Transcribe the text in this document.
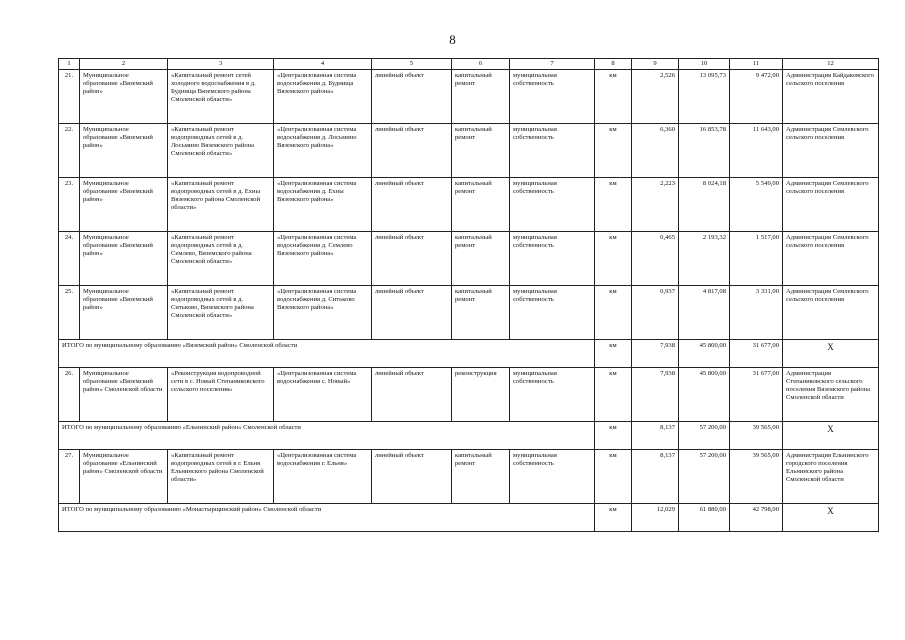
8
1	2	3	4	5	6	7	8	9	10	11	12
21.	Муниципальное образование «Вяземский район»	«Капитальный ремонт сетей холодного водоснабжения в д. Буднища Вяземского района Смоленской области»	«Централизованная система водоснабжения д. Буднища Вяземского района»	линейный объект	капитальный ремонт	муниципальная собственность	км	2,526	13 095,73	9 472,00	Администрация Кайдаковского сельского поселения
22.	Муниципальное образование «Вяземский район»	«Капитальный ремонт водопроводных сетей в д. Лосьмино Вяземского района Смоленской области»	«Централизованная система водоснабжения д. Лосьмино Вяземского района»	линейный объект	капитальный ремонт	муниципальная собственность	км	6,360	16 853,78	11 643,00	Администрация Семлевского сельского поселения
23.	Муниципальное образование «Вяземский район»	«Капитальный ремонт водопроводных сетей в д. Ехны Вяземского района Смоленской области»	«Централизованная система водоснабжения д. Ехны Вяземского района»	линейный объект	капитальный ремонт	муниципальная собственность	км	2,223	8 024,18	5 549,00	Администрация Семлевского сельского поселения
24.	Муниципальное образование «Вяземский район»	«Капитальный ремонт водопроводных сетей в д. Семлево, Вяземского района Смоленской области»	«Централизованная система водоснабжения д. Семлево Вяземского района»	линейный объект	капитальный ремонт	муниципальная собственность	км	0,465	2 193,32	1 517,00	Администрация Семлевского сельского поселения
25.	Муниципальное образование «Вяземский район»	«Капитальный ремонт водопроводных сетей в д. Ситьково, Вяземского района Смоленской области»	«Централизованная система водоснабжения д. Ситьково Вяземского района»	линейный объект	капитальный ремонт	муниципальная собственность	км	0,937	4 817,08	3 331,00	Администрация Семлевского сельского поселения
ИТОГО по муниципальному образованию «Вяземский район» Смоленской области							км	7,938	45 800,00	31 677,00	Х
26.	Муниципальное образование «Вяземский район» Смоленской области	«Реконструкция водопроводной сети в с. Новый Степаниковского сельского поселения»	«Централизованная система водоснабжения с. Новый»	линейный объект	реконструкция	муниципальная собственность	км	7,938	45 800,00	31 677,00	Администрация Степаниковского сельского поселения Вяземского района Смоленской области
ИТОГО по муниципальному образованию «Ельнинский район» Смоленской области							км	8,137	57 200,00	39 565,00	Х
27.	Муниципальное образование «Ельнинский район» Смоленской области	«Капитальный ремонт водопроводных сетей в г. Ельня Ельнинского района Смоленской области»	«Централизованная система водоснабжения г. Ельня»	линейный объект	капитальный ремонт	муниципальная собственность	км	8,137	57 200,00	39 565,00	Администрация Ельнинского городского поселения Ельнинского района Смоленской области
ИТОГО по муниципальному образованию «Монастырщинский район» Смоленской области							км	12,029	61 880,00	42 798,00	Х
